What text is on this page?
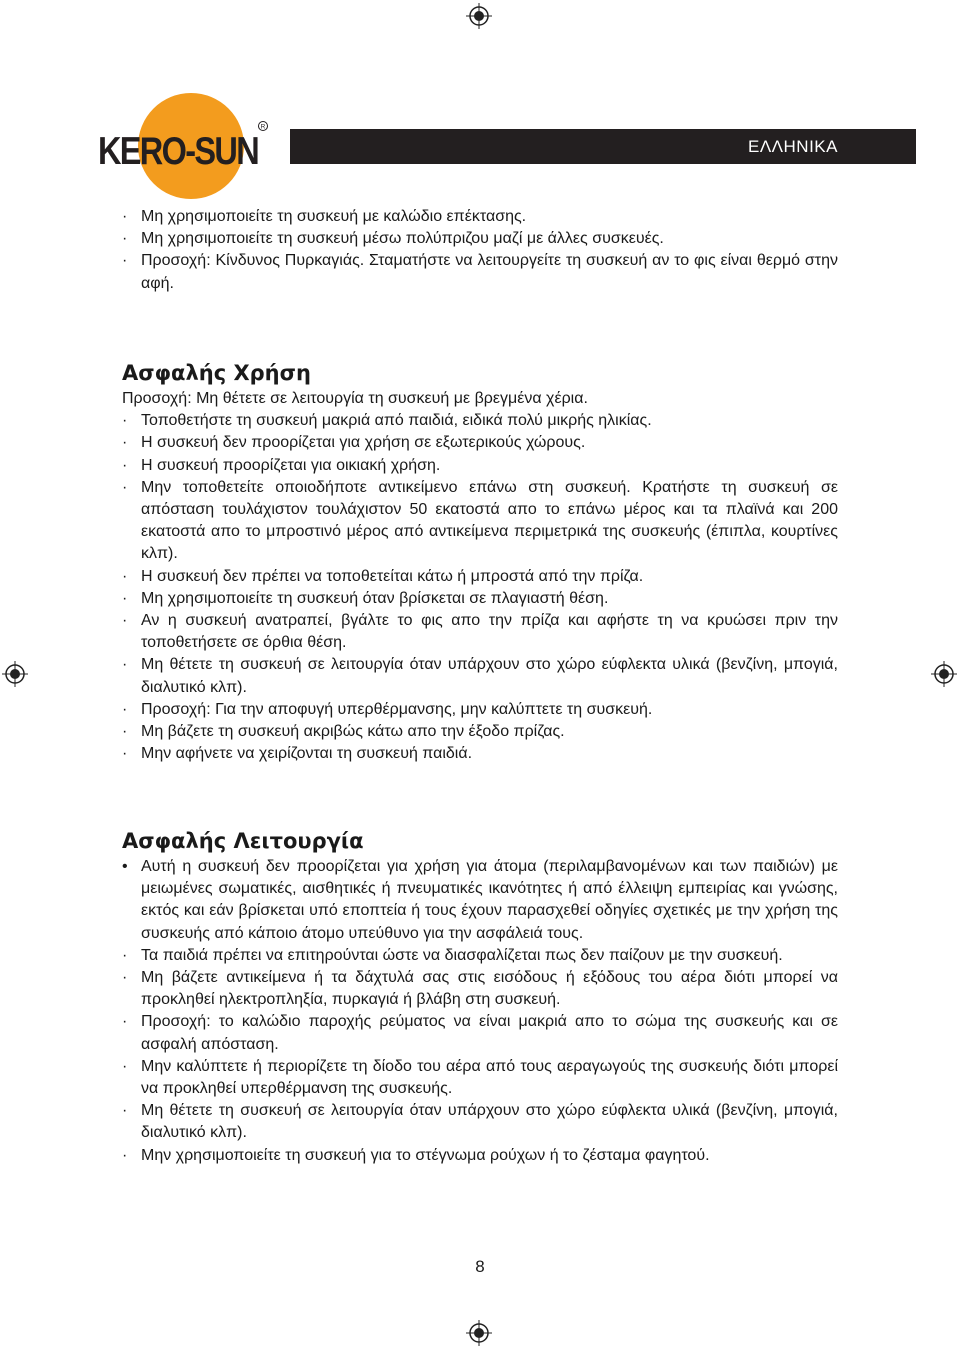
KERO-SUN
R
ΕΛΛΗΝΙΚΑ
· Μη χρησιμοποιείτε τη συσκευή με καλώδιο επέκτασης.
· Μη χρησιμοποιείτε τη συσκευή μέσω πολύπριζου μαζί με άλλες συσκευές.
· Προσοχή: Κίνδυνος Πυρκαγιάς. Σταματήστε να λειτουργείτε τη συσκευή αν το φις είναι θερμό στην αφή.
Ασφαλής Χρήση
Προσοχή: Μη θέτετε σε λειτουργία τη συσκευή με βρεγμένα χέρια.
· Τοποθετήστε τη συσκευή μακριά από παιδιά, ειδικά πολύ μικρής ηλικίας.
· Η συσκευή δεν προορίζεται για χρήση σε εξωτερικούς χώρους.
· Η συσκευή προορίζεται για οικιακή χρήση.
· Μην τοποθετείτε οποιοδήποτε αντικείμενο επάνω στη συσκευή. Κρατήστε τη συσκευή σε απόσταση τουλάχιστον τουλάχιστον 50 εκατοστά απο το επάνω μέρος και τα πλαϊνά και 200 εκατοστά απο το μπροστινό μέρος από αντικείμενα περιμετρικά της συσκευής (έπιπλα, κουρτίνες κλπ).
· Η συσκευή δεν πρέπει να τοποθετείται κάτω ή μπροστά από την πρίζα.
· Μη χρησιμοποιείτε τη συσκευή όταν βρίσκεται σε πλαγιαστή θέση.
· Αν η συσκευή ανατραπεί, βγάλτε το φις απο την πρίζα και αφήστε τη να κρυώσει πριν την τοποθετήσετε σε όρθια θέση.
· Μη θέτετε τη συσκευή σε λειτουργία όταν υπάρχουν στο χώρο εύφλεκτα υλικά (βενζίνη, μπογιά, διαλυτικό κλπ).
· Προσοχή: Για την αποφυγή υπερθέρμανσης, μην καλύπτετε τη συσκευή.
· Μη βάζετε τη συσκευή ακριβώς κάτω απο την έξοδο πρίζας.
· Μην αφήνετε να χειρίζονται τη συσκευή παιδιά.
Ασφαλής Λειτουργία
• Αυτή η συσκευή δεν προορίζεται για χρήση για άτομα (περιλαμβανομένων και των παιδιών) με μειωμένες σωματικές, αισθητικές ή πνευματικές ικανότητες ή από έλλειψη εμπειρίας και γνώσης, εκτός και εάν βρίσκεται υπό εποπτεία ή τους έχουν παρασχεθεί οδηγίες σχετικές με την χρήση της συσκευής από κάποιο άτομο υπεύθυνο για την ασφάλειά τους.
· Τα παιδιά πρέπει να επιτηρούνται ώστε να διασφαλίζεται πως δεν παίζουν με την συσκευή.
· Μη βάζετε αντικείμενα ή τα δάχτυλά σας στις εισόδους ή εξόδους του αέρα διότι μπορεί να προκληθεί ηλεκτροπληξία, πυρκαγιά ή βλάβη στη συσκευή.
· Προσοχή: το καλώδιο παροχής ρεύματος να είναι μακριά απο το σώμα της συσκευής και σε ασφαλή απόσταση.
· Μην καλύπτετε ή περιορίζετε τη δίοδο του αέρα από τους αεραγωγούς της συσκευής διότι μπορεί να προκληθεί υπερθέρμανση της συσκευής.
· Μη θέτετε τη συσκευή σε λειτουργία όταν υπάρχουν στο χώρο εύφλεκτα υλικά (βενζίνη, μπογιά, διαλυτικό κλπ).
· Μην χρησιμοποιείτε τη συσκευή για το στέγνωμα ρούχων ή το ζέσταμα φαγητού.
8
